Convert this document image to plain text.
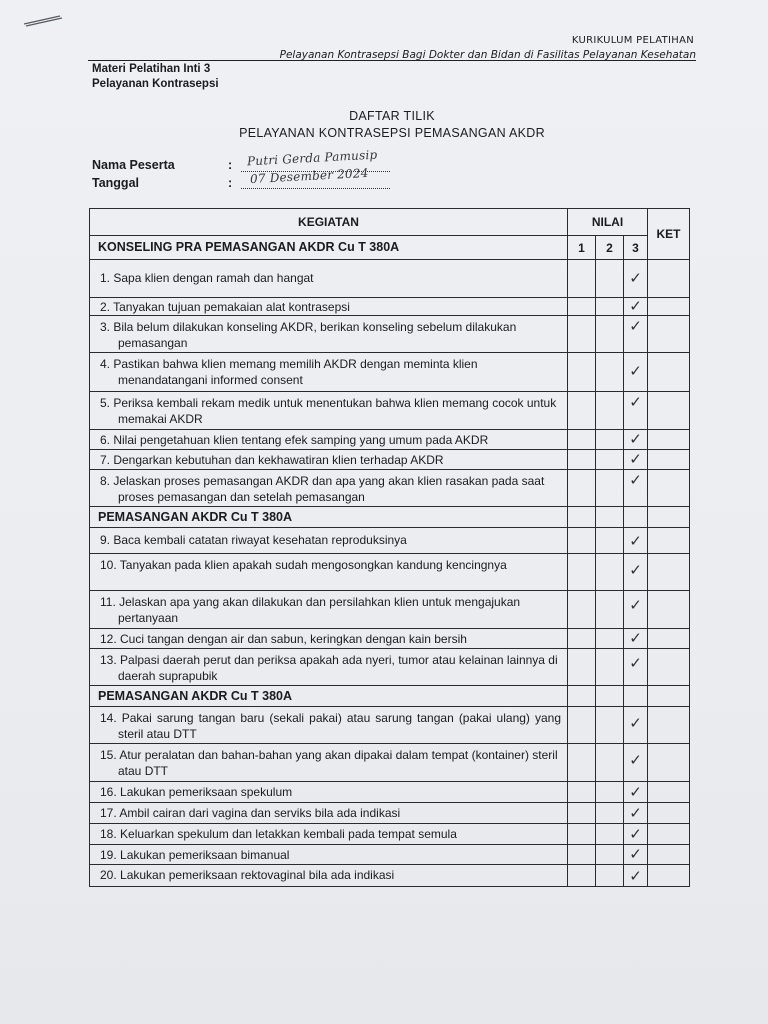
KURIKULUM PELATIHAN
Pelayanan Kontrasepsi Bagi Dokter dan Bidan di Fasilitas Pelayanan Kesehatan
Materi Pelatihan Inti 3
Pelayanan Kontrasepsi
DAFTAR TILIK
PELAYANAN KONTRASEPSI PEMASANGAN AKDR
Nama Peserta	: Putri Gerda Pamusip
Tanggal	: 07 Desember 2024
KEGIATAN	NILAI			KET
KONSELING PRA PEMASANGAN AKDR Cu T 380A	1	2	3	
1. Sapa klien dengan ramah dan hangat			✓	

2. Tanyakan tujuan pemakaian alat kontrasepsi			✓	

3. Bila belum dilakukan konseling AKDR, berikan konseling sebelum dilakukan pemasangan			✓	

4. Pastikan bahwa klien memang memilih AKDR dengan meminta klien menandatangani informed consent			✓	

5. Periksa kembali rekam medik untuk menentukan bahwa klien memang cocok untuk memakai AKDR			✓	

6. Nilai pengetahuan klien tentang efek samping yang umum pada AKDR			✓	

7. Dengarkan kebutuhan dan kekhawatiran klien terhadap AKDR			✓	

8. Jelaskan proses pemasangan AKDR dan apa yang akan klien rasakan pada saat proses pemasangan dan setelah pemasangan			✓	

PEMASANGAN AKDR Cu T 380A				
9. Baca kembali catatan riwayat kesehatan reproduksinya			✓	

10. Tanyakan pada klien apakah sudah mengosongkan kandung kencingnya			✓	

11. Jelaskan apa yang akan dilakukan dan persilahkan klien untuk mengajukan pertanyaan			✓	

12. Cuci tangan dengan air dan sabun, keringkan dengan kain bersih			✓	

13. Palpasi daerah perut dan periksa apakah ada nyeri, tumor atau kelainan lainnya di daerah suprapubik			✓	

PEMASANGAN AKDR Cu T 380A				
14. Pakai sarung tangan baru (sekali pakai) atau sarung tangan (pakai ulang) yang steril atau DTT			✓	

15. Atur peralatan dan bahan-bahan yang akan dipakai dalam tempat (kontainer) steril atau DTT			✓	

16. Lakukan pemeriksaan spekulum			✓	

17. Ambil cairan dari vagina dan serviks bila ada indikasi			✓	

18. Keluarkan spekulum dan letakkan kembali pada tempat semula			✓	

19. Lakukan pemeriksaan bimanual			✓	

20. Lakukan pemeriksaan rektovaginal bila ada indikasi			✓	
